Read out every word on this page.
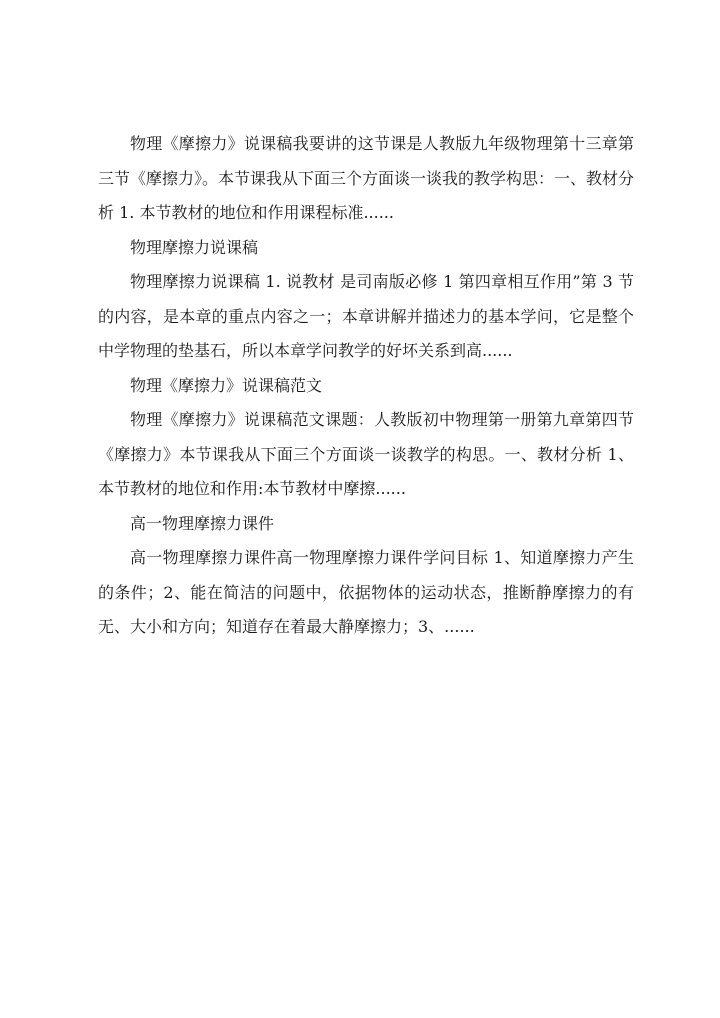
物理《摩擦力》说课稿我要讲的这节课是人教版九年级物理第十三章第三节《摩擦力》。本节课我从下面三个方面谈一谈我的教学构思：一、教材分析 1. 本节教材的地位和作用课程标准......

物理摩擦力说课稿

物理摩擦力说课稿 1. 说教材 是司南版必修 1 第四章相互作用”第 3 节的内容，是本章的重点内容之一；本章讲解并描述力的基本学问，它是整个中学物理的垫基石，所以本章学问教学的好坏关系到高......

物理《摩擦力》说课稿范文

物理《摩擦力》说课稿范文课题：人教版初中物理第一册第九章第四节《摩擦力》本节课我从下面三个方面谈一谈教学的构思。一、教材分析 1、本节教材的地位和作用:本节教材中摩擦......

高一物理摩擦力课件

高一物理摩擦力课件高一物理摩擦力课件学问目标 1、知道摩擦力产生的条件；2、能在简洁的问题中，依据物体的运动状态，推断静摩擦力的有无、大小和方向；知道存在着最大静摩擦力；3、......
